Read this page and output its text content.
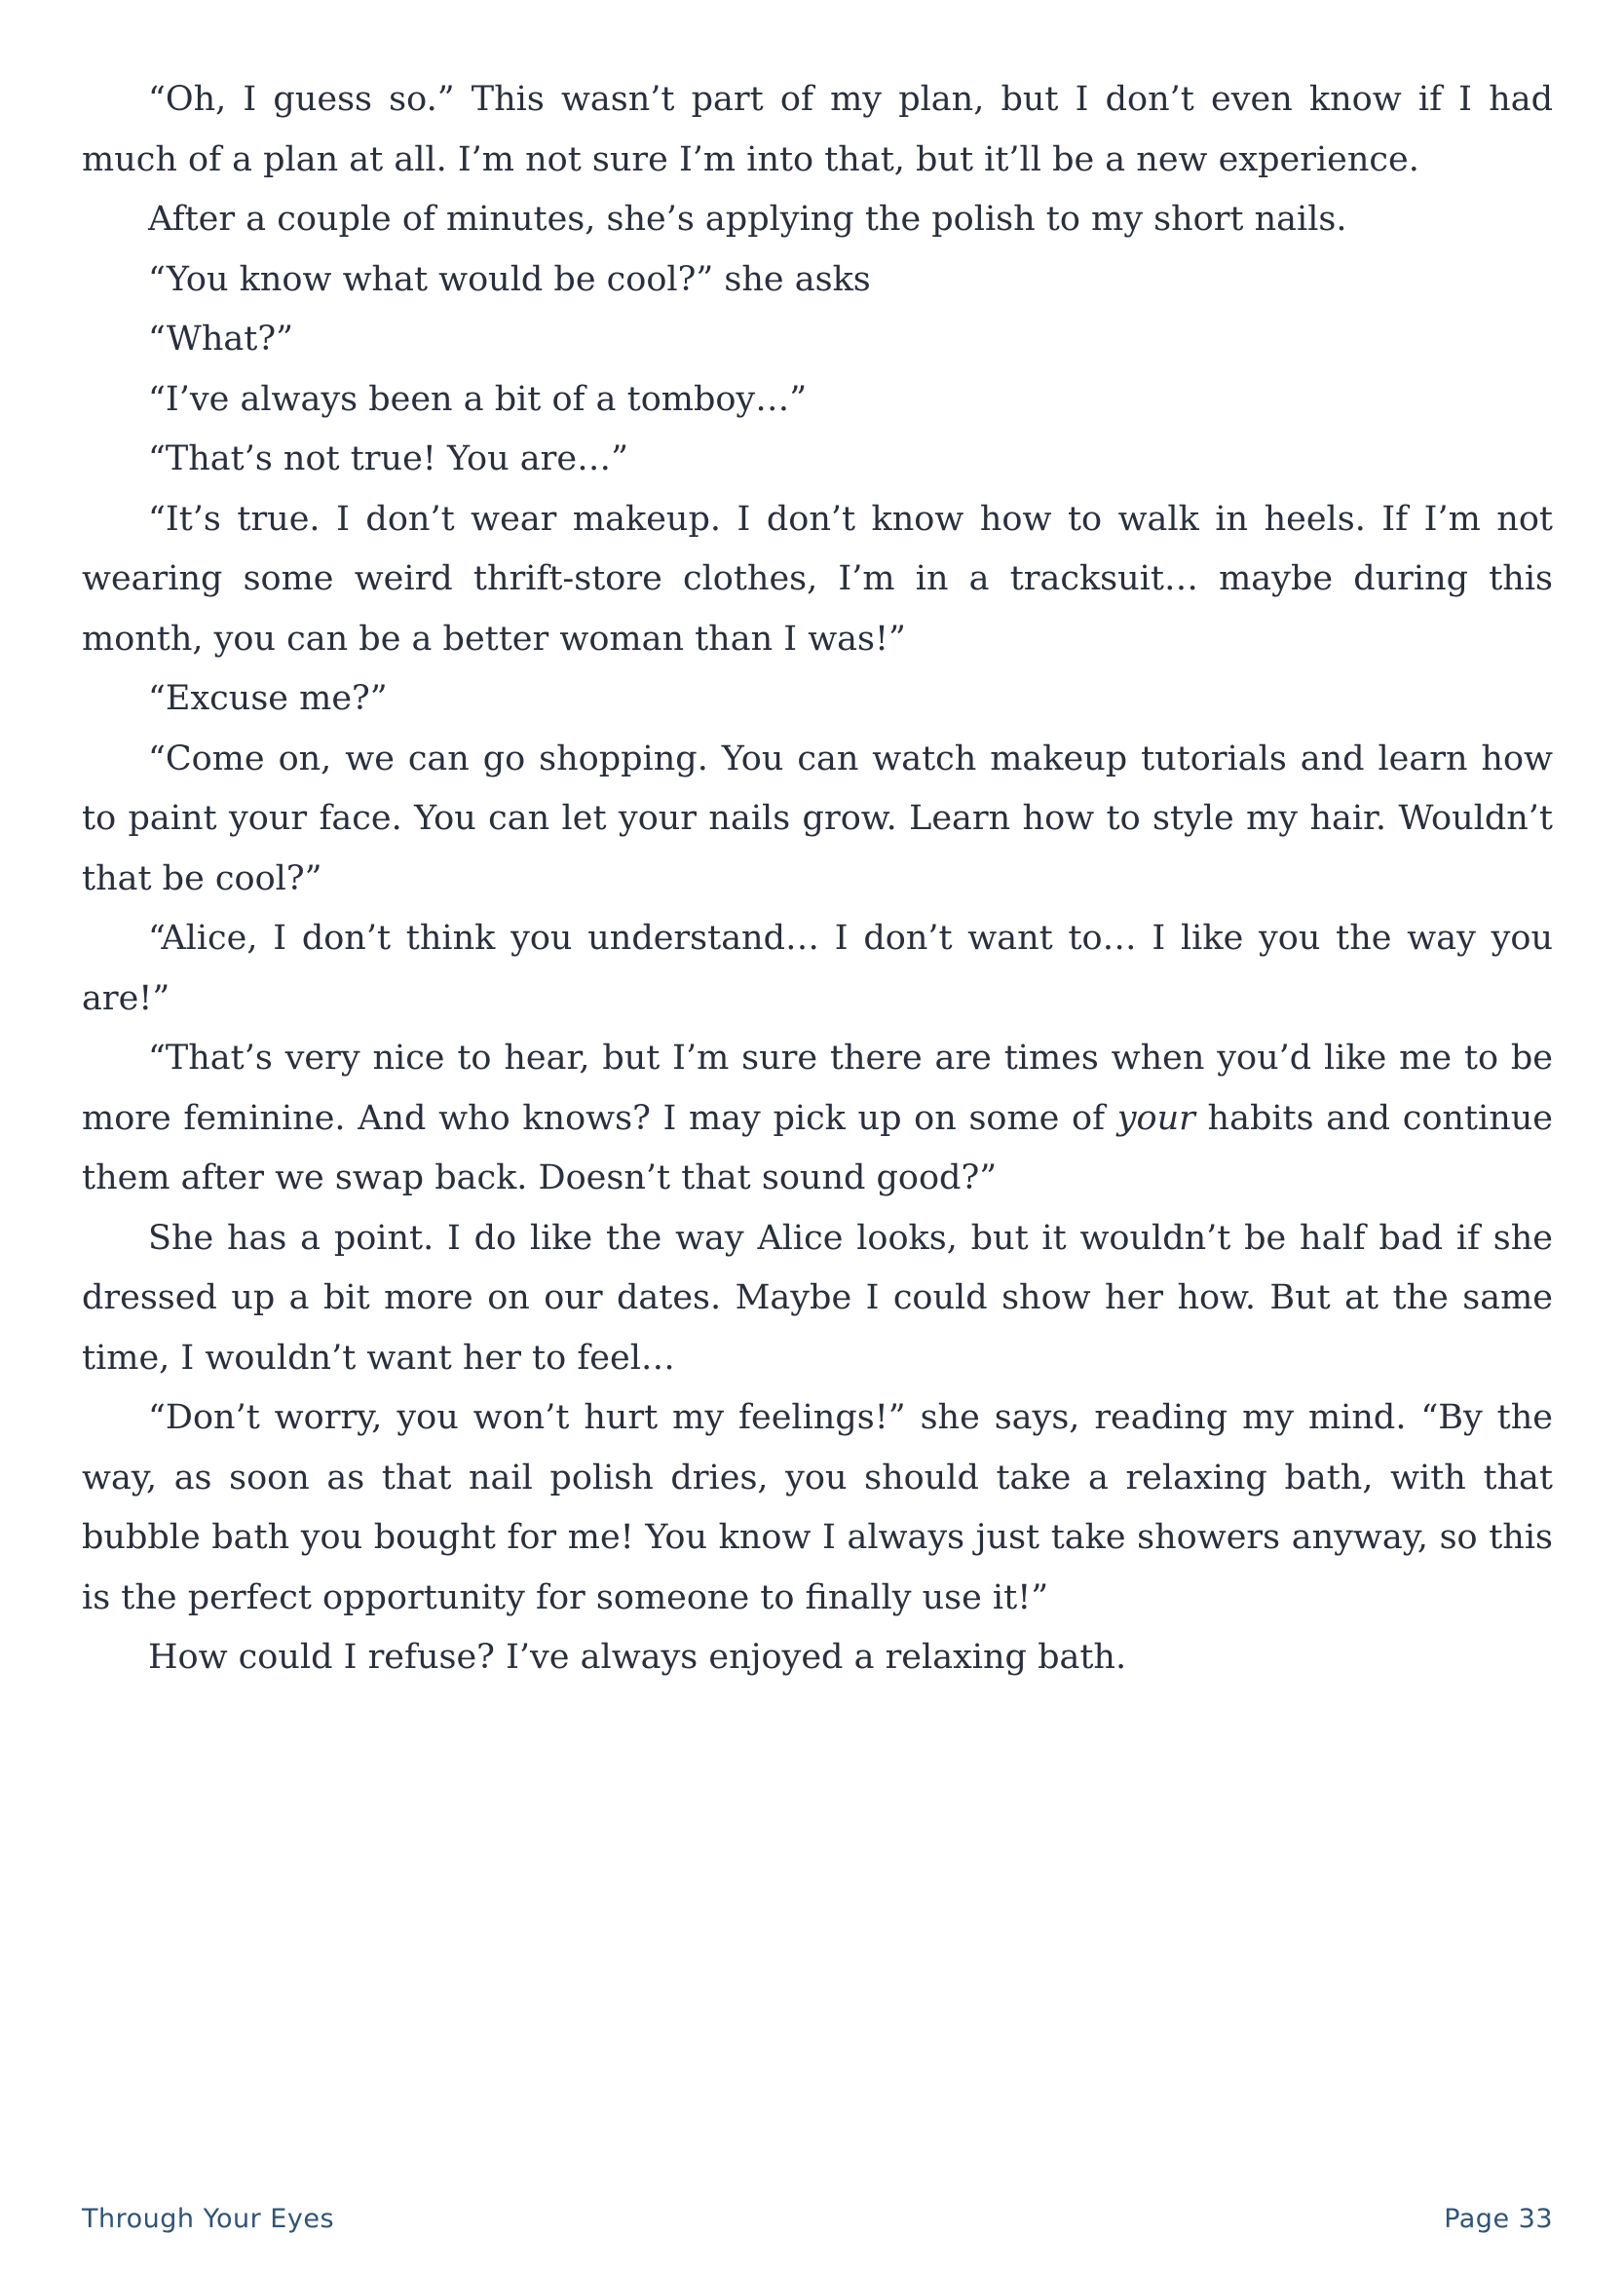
“Oh, I guess so.” This wasn’t part of my plan, but I don’t even know if I had much of a plan at all. I’m not sure I’m into that, but it’ll be a new experience.

After a couple of minutes, she’s applying the polish to my short nails.

“You know what would be cool?” she asks

“What?”

“I’ve always been a bit of a tomboy…”

“That’s not true! You are…”

“It’s true. I don’t wear makeup. I don’t know how to walk in heels. If I’m not wearing some weird thrift-store clothes, I’m in a tracksuit… maybe during this month, you can be a better woman than I was!”

“Excuse me?”

“Come on, we can go shopping. You can watch makeup tutorials and learn how to paint your face. You can let your nails grow. Learn how to style my hair. Wouldn’t that be cool?”

“Alice, I don’t think you understand… I don’t want to… I like you the way you are!”

“That’s very nice to hear, but I’m sure there are times when you’d like me to be more feminine. And who knows? I may pick up on some of your habits and continue them after we swap back. Doesn’t that sound good?”

She has a point. I do like the way Alice looks, but it wouldn’t be half bad if she dressed up a bit more on our dates. Maybe I could show her how. But at the same time, I wouldn’t want her to feel…

“Don’t worry, you won’t hurt my feelings!” she says, reading my mind. “By the way, as soon as that nail polish dries, you should take a relaxing bath, with that bubble bath you bought for me! You know I always just take showers anyway, so this is the perfect opportunity for someone to finally use it!”

How could I refuse? I’ve always enjoyed a relaxing bath.

Through Your Eyes	Page 33
